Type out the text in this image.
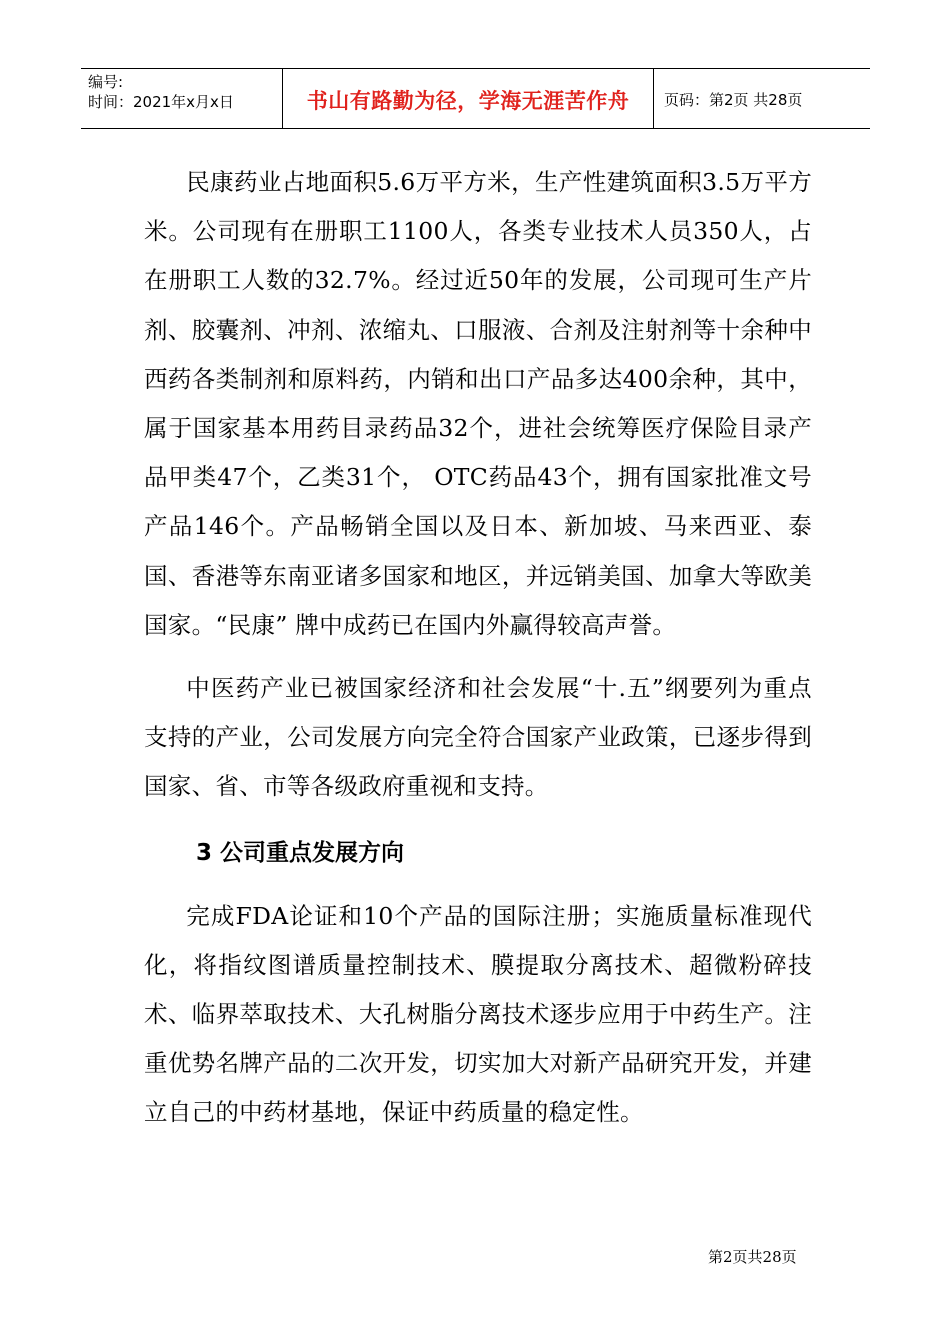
编号:
时间：2021年x月x日	书山有路勤为径，学海无涯苦作舟	页码：第2页 共28页

民康药业占地面积5.6万平方米，生产性建筑面积3.5万平方米。公司现有在册职工1100人，各类专业技术人员350人，占在册职工人数的32.7%。经过近50年的发展，公司现可生产片剂、胶囊剂、冲剂、浓缩丸、口服液、合剂及注射剂等十余种中西药各类制剂和原料药，内销和出口产品多达400余种，其中，属于国家基本用药目录药品32个，进社会统筹医疗保险目录产品甲类47个，乙类31个， OTC药品43个，拥有国家批准文号产品146个。产品畅销全国以及日本、新加坡、马来西亚、泰国、香港等东南亚诸多国家和地区，并远销美国、加拿大等欧美国家。“民康” 牌中成药已在国内外赢得较高声誉。

中医药产业已被国家经济和社会发展“十.五”纲要列为重点支持的产业，公司发展方向完全符合国家产业政策，已逐步得到国家、省、市等各级政府重视和支持。

3 公司重点发展方向

完成FDA论证和10个产品的国际注册；实施质量标准现代化，将指纹图谱质量控制技术、膜提取分离技术、超微粉碎技术、临界萃取技术、大孔树脂分离技术逐步应用于中药生产。注重优势名牌产品的二次开发，切实加大对新产品研究开发，并建立自己的中药材基地，保证中药质量的稳定性。

第2页共28页
